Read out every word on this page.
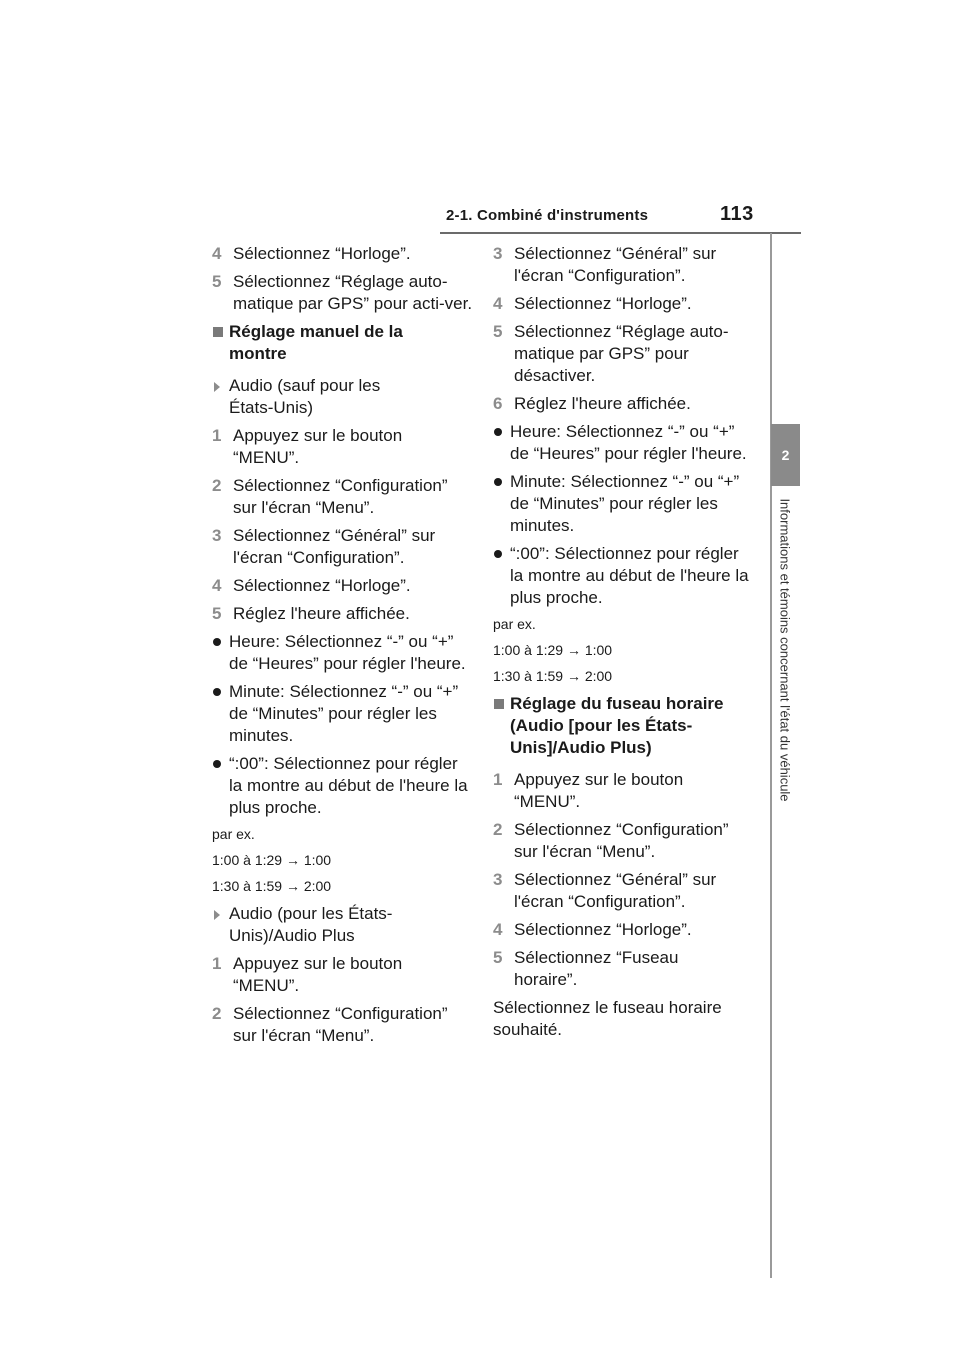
2-1. Combiné d'instruments	113
2
Informations et témoins concernant l'état du véhicule
4 Sélectionnez “Horloge”.
5 Sélectionnez “Réglage auto-matique par GPS” pour acti-ver.
Réglage manuel de la montre
Audio (sauf pour les États-Unis)
1 Appuyez sur le bouton “MENU”.
2 Sélectionnez “Configuration” sur l'écran “Menu”.
3 Sélectionnez “Général” sur l'écran “Configuration”.
4 Sélectionnez “Horloge”.
5 Réglez l'heure affichée.
Heure: Sélectionnez “-” ou “+” de “Heures” pour régler l'heure.
Minute: Sélectionnez “-” ou “+” de “Minutes” pour régler les minutes.
“:00”: Sélectionnez pour régler la montre au début de l'heure la plus proche.
par ex.
1:00 à 1:29 → 1:00
1:30 à 1:59 → 2:00
Audio (pour les États-Unis)/Audio Plus
1 Appuyez sur le bouton “MENU”.
2 Sélectionnez “Configuration” sur l'écran “Menu”.
3 Sélectionnez “Général” sur l'écran “Configuration”.
4 Sélectionnez “Horloge”.
5 Sélectionnez “Réglage auto-matique par GPS” pour désactiver.
6 Réglez l'heure affichée.
Heure: Sélectionnez “-” ou “+” de “Heures” pour régler l'heure.
Minute: Sélectionnez “-” ou “+” de “Minutes” pour régler les minutes.
“:00”: Sélectionnez pour régler la montre au début de l'heure la plus proche.
par ex.
1:00 à 1:29 → 1:00
1:30 à 1:59 → 2:00
Réglage du fuseau horaire (Audio [pour les États-Unis]/Audio Plus)
1 Appuyez sur le bouton “MENU”.
2 Sélectionnez “Configuration” sur l'écran “Menu”.
3 Sélectionnez “Général” sur l'écran “Configuration”.
4 Sélectionnez “Horloge”.
5 Sélectionnez “Fuseau horaire”.
Sélectionnez le fuseau horaire souhaité.
